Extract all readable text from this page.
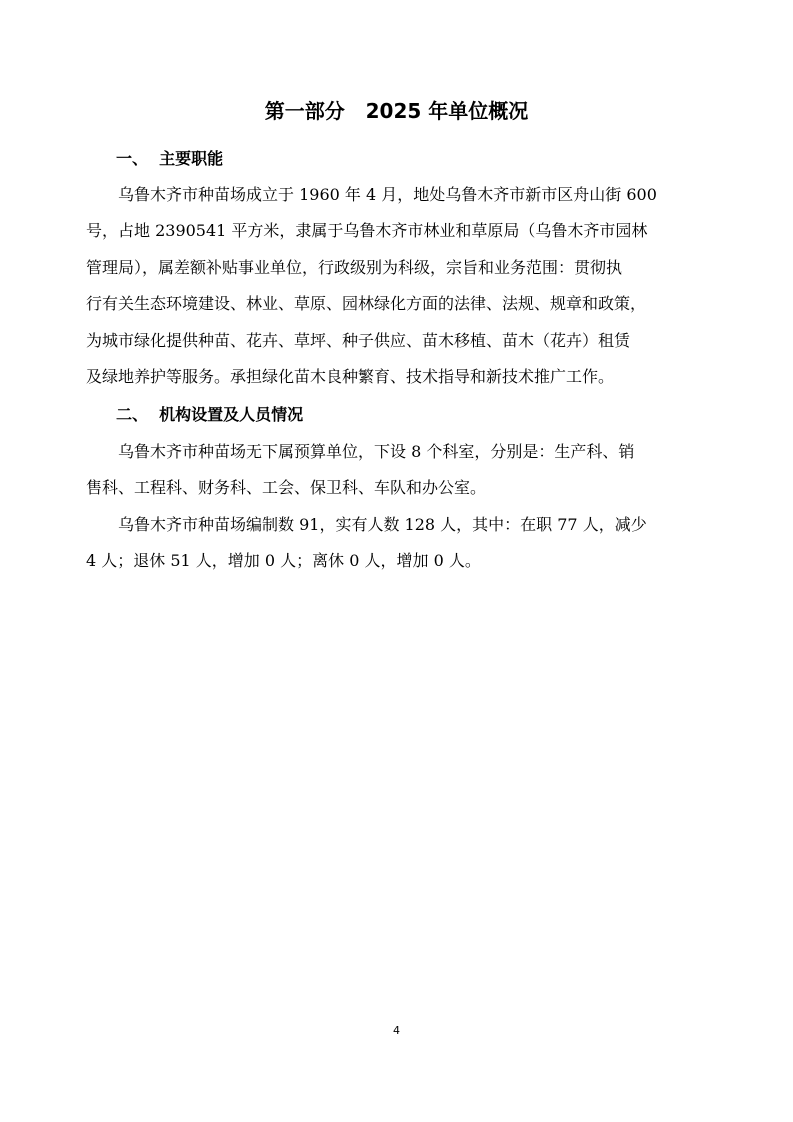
第一部分   2025 年单位概况
一、  主要职能
乌鲁木齐市种苗场成立于 1960 年 4 月，地处乌鲁木齐市新市区舟山街 600
号，占地 2390541 平方米，隶属于乌鲁木齐市林业和草原局（乌鲁木齐市园林
管理局），属差额补贴事业单位，行政级别为科级，宗旨和业务范围：贯彻执
行有关生态环境建设、林业、草原、园林绿化方面的法律、法规、规章和政策，
为城市绿化提供种苗、花卉、草坪、种子供应、苗木移植、苗木（花卉）租赁
及绿地养护等服务。承担绿化苗木良种繁育、技术指导和新技术推广工作。
二、  机构设置及人员情况
乌鲁木齐市种苗场无下属预算单位，下设 8 个科室，分别是：生产科、销
售科、工程科、财务科、工会、保卫科、车队和办公室。
乌鲁木齐市种苗场编制数 91，实有人数 128 人，其中：在职 77 人，减少
4 人；退休 51 人，增加 0 人；离休 0 人，增加 0 人。
4
